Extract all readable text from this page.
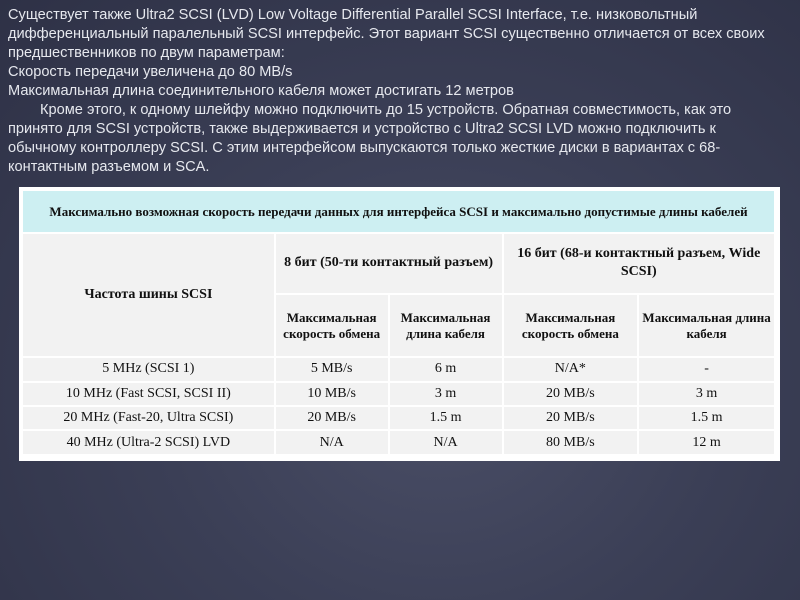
Существует также Ultra2 SCSI (LVD) Low Voltage Differential Parallel SCSI Interface, т.е. низковольтный дифференциальный паралельный SCSI интерфейс. Этот вариант SCSI существенно отличается от всех своих предшественников по двум параметрам:

Скорость передачи увеличена до 80 MB/s

Максимальная длина соединительного кабеля может достигать 12 метров

Кроме этого, к одному шлейфу можно подключить до 15 устройств. Обратная совместимость, как это принято для SCSI устройств, также выдерживается и устройство с Ultra2 SCSI LVD можно подключить к обычному контроллеру SCSI. С этим интерфейсом выпускаются только жесткие диски в вариантах с 68-контактным разъемом и SCA.

Максимально возможная скорость передачи данных для интерфейса SCSI и максимально допустимые длины кабелей				
Частота шины SCSI	8 бит (50-ти контактный разъем)		16 бит (68-и контактный разъем, Wide SCSI)	
	Максимальная скорость обмена	Максимальная длина кабеля	Максимальная скорость обмена	Максимальная длина кабеля
5 MHz (SCSI 1)	5 MB/s	6 m	N/A*	-
10 MHz (Fast SCSI, SCSI II)	10 MB/s	3 m	20 MB/s	3 m
20 MHz (Fast-20, Ultra SCSI)	20 MB/s	1.5 m	20 MB/s	1.5 m
40 MHz (Ultra-2 SCSI) LVD	N/A	N/A	80 MB/s	12 m
